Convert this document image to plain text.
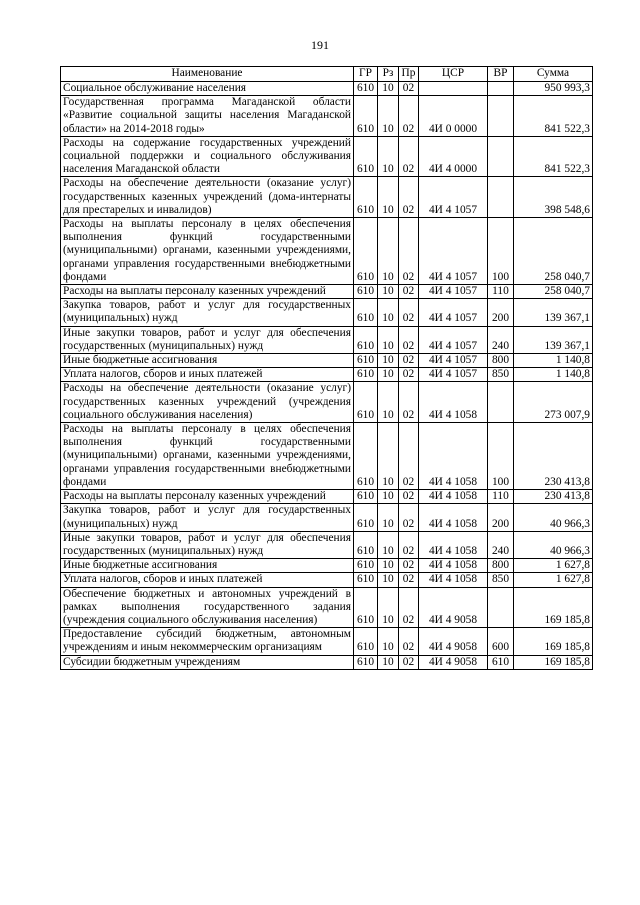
191
Наименование	ГР	Рз	Пр	ЦСР	ВР	Сумма
Социальное обслуживание населения	610	10	02			950 993,3
Государственная программа Магаданской области «Развитие социальной защиты населения Магаданской области» на 2014-2018 годы»	610	10	02	4И 0 0000		841 522,3
Расходы на содержание государственных учреждений социальной поддержки и социального обслуживания населения Магаданской области	610	10	02	4И 4 0000		841 522,3
Расходы на обеспечение деятельности (оказание услуг) государственных казенных учреждений (дома-интернаты для престарелых и инвалидов)	610	10	02	4И 4 1057		398 548,6
Расходы на выплаты персоналу в целях обеспечения выполнения функций государственными (муниципальными) органами, казенными учреждениями, органами управления государственными внебюджетными фондами	610	10	02	4И 4 1057	100	258 040,7
Расходы на выплаты персоналу казенных учреждений	610	10	02	4И 4 1057	110	258 040,7
Закупка товаров, работ и услуг для государственных (муниципальных) нужд	610	10	02	4И 4 1057	200	139 367,1
Иные закупки товаров, работ и услуг для обеспечения государственных (муниципальных) нужд	610	10	02	4И 4 1057	240	139 367,1
Иные бюджетные ассигнования	610	10	02	4И 4 1057	800	1 140,8
Уплата налогов, сборов и иных платежей	610	10	02	4И 4 1057	850	1 140,8
Расходы на обеспечение деятельности (оказание услуг) государственных казенных учреждений (учреждения социального обслуживания населения)	610	10	02	4И 4 1058		273 007,9
Расходы на выплаты персоналу в целях обеспечения выполнения функций государственными (муниципальными) органами, казенными учреждениями, органами управления государственными внебюджетными фондами	610	10	02	4И 4 1058	100	230 413,8
Расходы на выплаты персоналу казенных учреждений	610	10	02	4И 4 1058	110	230 413,8
Закупка товаров, работ и услуг для государственных (муниципальных) нужд	610	10	02	4И 4 1058	200	40 966,3
Иные закупки товаров, работ и услуг для обеспечения государственных (муниципальных) нужд	610	10	02	4И 4 1058	240	40 966,3
Иные бюджетные ассигнования	610	10	02	4И 4 1058	800	1 627,8
Уплата налогов, сборов и иных платежей	610	10	02	4И 4 1058	850	1 627,8
Обеспечение бюджетных и автономных учреждений в рамках выполнения государственного задания (учреждения социального обслуживания населения)	610	10	02	4И 4 9058		169 185,8
Предоставление субсидий бюджетным, автономным учреждениям и иным некоммерческим организациям	610	10	02	4И 4 9058	600	169 185,8
Субсидии бюджетным учреждениям	610	10	02	4И 4 9058	610	169 185,8
